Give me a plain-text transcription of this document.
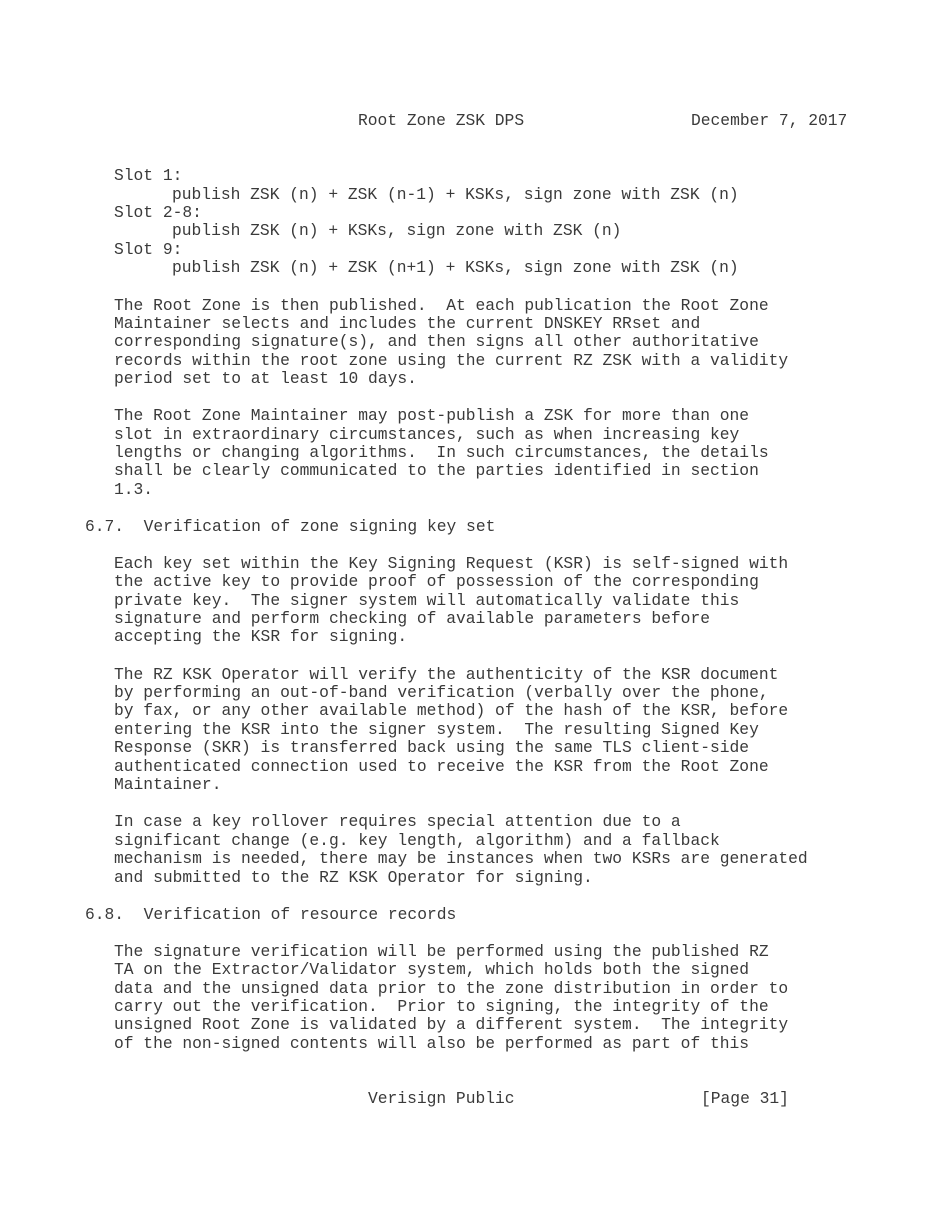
Root Zone ZSK DPS	December 7, 2017
Slot 1:
publish ZSK (n) + ZSK (n-1) + KSKs, sign zone with ZSK (n)
Slot 2-8:
publish ZSK (n) + KSKs, sign zone with ZSK (n)
Slot 9:
publish ZSK (n) + ZSK (n+1) + KSKs, sign zone with ZSK (n)
The Root Zone is then published.  At each publication the Root Zone
Maintainer selects and includes the current DNSKEY RRset and
corresponding signature(s), and then signs all other authoritative
records within the root zone using the current RZ ZSK with a validity
period set to at least 10 days.
The Root Zone Maintainer may post-publish a ZSK for more than one
slot in extraordinary circumstances, such as when increasing key
lengths or changing algorithms.  In such circumstances, the details
shall be clearly communicated to the parties identified in section
1.3.
6.7.  Verification of zone signing key set
Each key set within the Key Signing Request (KSR) is self-signed with
the active key to provide proof of possession of the corresponding
private key.  The signer system will automatically validate this
signature and perform checking of available parameters before
accepting the KSR for signing.
The RZ KSK Operator will verify the authenticity of the KSR document
by performing an out-of-band verification (verbally over the phone,
by fax, or any other available method) of the hash of the KSR, before
entering the KSR into the signer system.  The resulting Signed Key
Response (SKR) is transferred back using the same TLS client-side
authenticated connection used to receive the KSR from the Root Zone
Maintainer.
In case a key rollover requires special attention due to a
significant change (e.g. key length, algorithm) and a fallback
mechanism is needed, there may be instances when two KSRs are generated
and submitted to the RZ KSK Operator for signing.
6.8.  Verification of resource records
The signature verification will be performed using the published RZ
TA on the Extractor/Validator system, which holds both the signed
data and the unsigned data prior to the zone distribution in order to
carry out the verification.  Prior to signing, the integrity of the
unsigned Root Zone is validated by a different system.  The integrity
of the non-signed contents will also be performed as part of this
Verisign Public	[Page 31]
